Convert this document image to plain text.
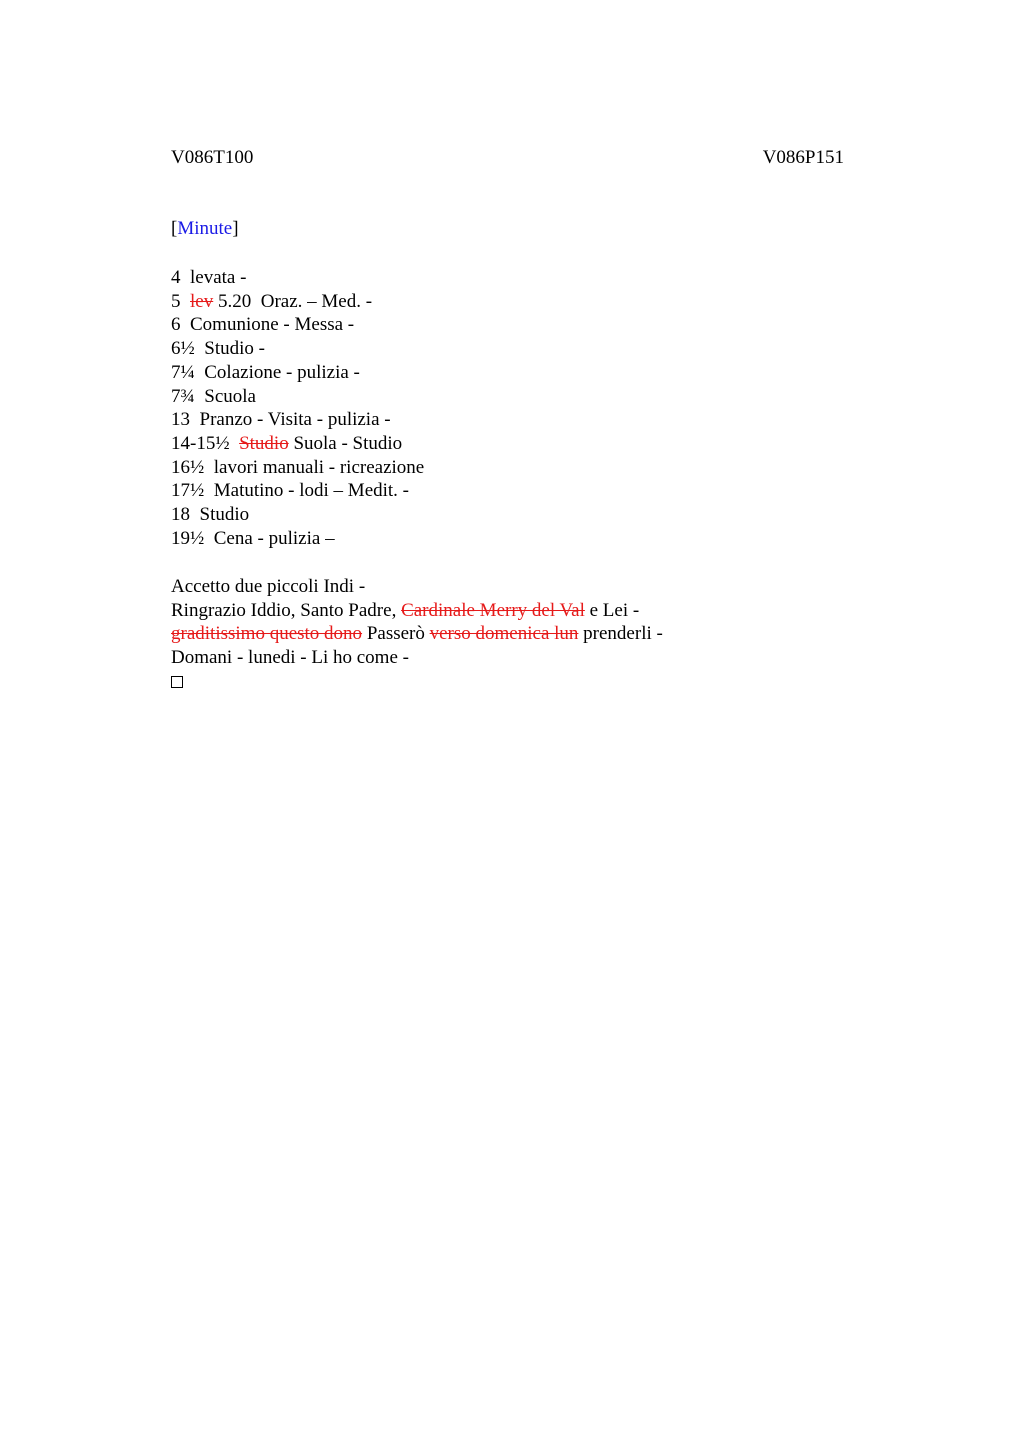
V086T100	V086P151
[Minute]
4 levata -
5 lev 5.20  Oraz. – Med. -
6 Comunione - Messa -
6½ Studio -
7¼ Colazione - pulizia -
7¾ Scuola
13 Pranzo - Visita - pulizia -
14-15½ Studio Suola - Studio
16½ lavori manuali - ricreazione
17½ Matutino - lodi – Medit. -
18 Studio
19½ Cena - pulizia –
Accetto due piccoli Indi -
Ringrazio Iddio, Santo Padre, Cardinale Merry del Val e Lei -
graditissimo questo dono Passerò verso domenica lun prenderli -
Domani - lunedi - Li ho come -
